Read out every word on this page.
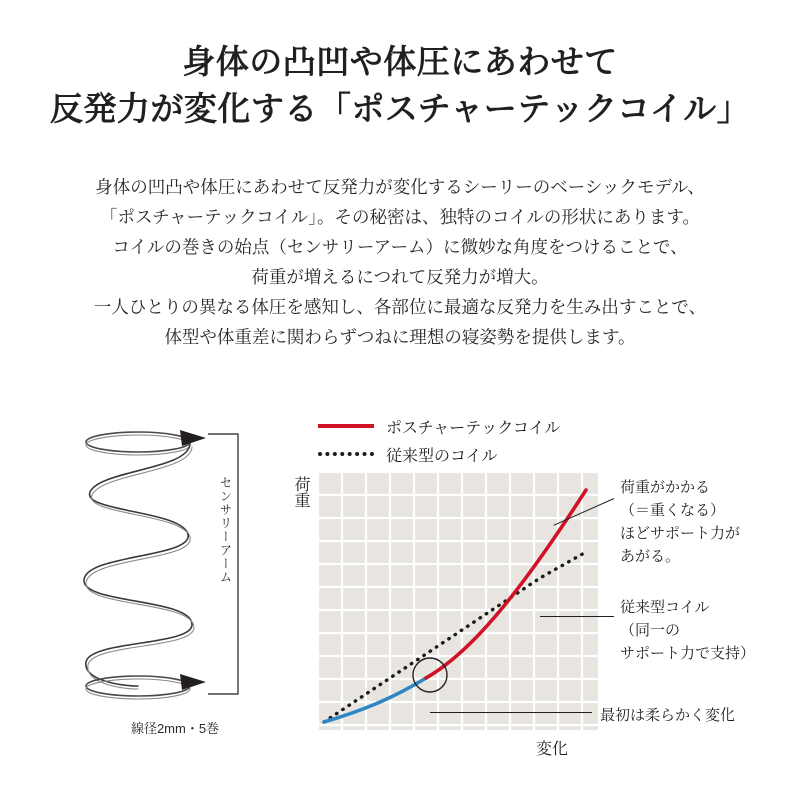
身体の凸凹や体圧にあわせて
反発力が変化する「ポスチャーテックコイル」
身体の凹凸や体圧にあわせて反発力が変化するシーリーのベーシックモデル、
「ポスチャーテックコイル」。その秘密は、独特のコイルの形状にあります。
コイルの巻きの始点（センサリーアーム）に微妙な角度をつけることで、
荷重が増えるにつれて反発力が増大。
一人ひとりの異なる体圧を感知し、各部位に最適な反発力を生み出すことで、
体型や体重差に関わらずつねに理想の寝姿勢を提供します。
センサリーアーム
線径2mm・5巻
ポスチャーテックコイル
従来型のコイル
荷重
変化
荷重がかかる
（＝重くなる）
ほどサポート力が
あがる。
従来型コイル
（同一の
サポート力で支持）
最初は柔らかく変化
